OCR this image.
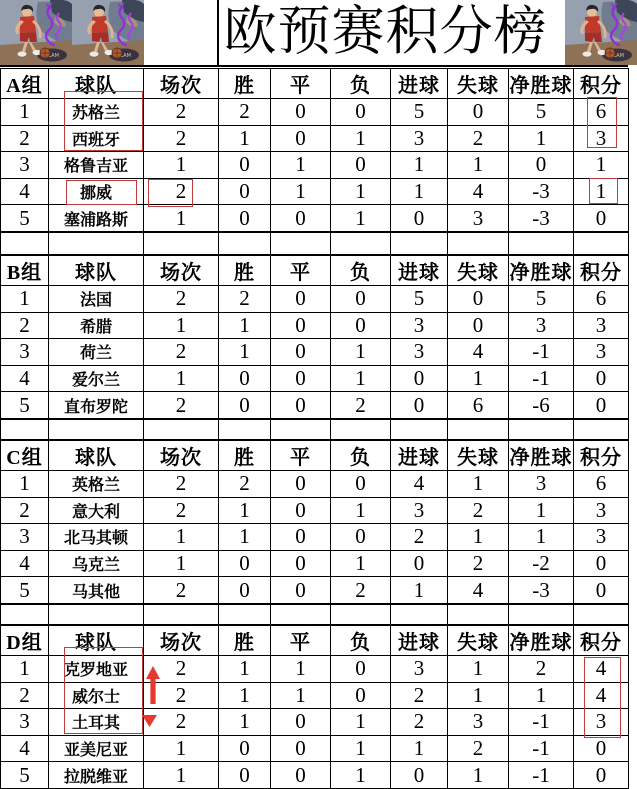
欧预赛积分榜
A组	球队	场次	胜	平	负	进球	失球	净胜球	积分
1	苏格兰	2	2	0	0	5	0	5	6
2	西班牙	2	1	0	1	3	2	1	3
3	格鲁吉亚	1	0	1	0	1	1	0	1
4	挪威	2	0	1	1	1	4	-3	1
5	塞浦路斯	1	0	0	1	0	3	-3	0

B组	球队	场次	胜	平	负	进球	失球	净胜球	积分
1	法国	2	2	0	0	5	0	5	6
2	希腊	1	1	0	0	3	0	3	3
3	荷兰	2	1	0	1	3	4	-1	3
4	爱尔兰	1	0	0	1	0	1	-1	0
5	直布罗陀	2	0	0	2	0	6	-6	0

C组	球队	场次	胜	平	负	进球	失球	净胜球	积分
1	英格兰	2	2	0	0	4	1	3	6
2	意大利	2	1	0	1	3	2	1	3
3	北马其顿	1	1	0	0	2	1	1	3
4	乌克兰	1	0	0	1	0	2	-2	0
5	马其他	2	0	0	2	1	4	-3	0

D组	球队	场次	胜	平	负	进球	失球	净胜球	积分
1	克罗地亚	2	1	1	0	3	1	2	4
2	威尔士	2	1	1	0	2	1	1	4
3	土耳其	2	1	0	1	2	3	-1	3
4	亚美尼亚	1	0	0	1	1	2	-1	0
5	拉脱维亚	1	0	0	1	0	1	-1	0
